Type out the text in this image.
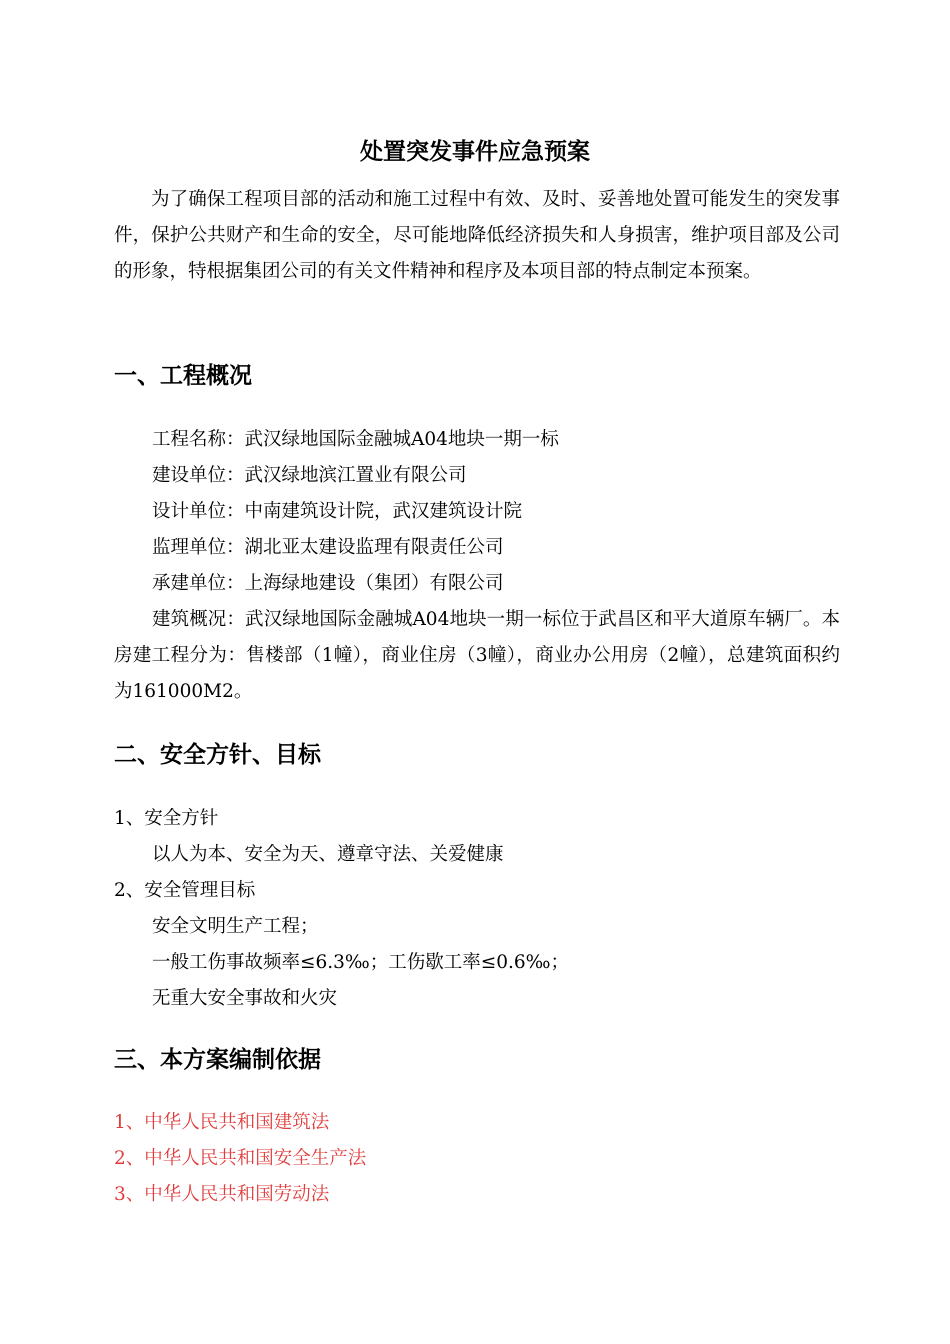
处置突发事件应急预案
为了确保工程项目部的活动和施工过程中有效、及时、妥善地处置可能发生的突发事件，保护公共财产和生命的安全，尽可能地降低经济损失和人身损害，维护项目部及公司的形象，特根据集团公司的有关文件精神和程序及本项目部的特点制定本预案。
一、工程概况
工程名称：武汉绿地国际金融城A04地块一期一标
建设单位：武汉绿地滨江置业有限公司
设计单位：中南建筑设计院，武汉建筑设计院
监理单位：湖北亚太建设监理有限责任公司
承建单位：上海绿地建设（集团）有限公司
建筑概况：武汉绿地国际金融城A04地块一期一标位于武昌区和平大道原车辆厂。本房建工程分为：售楼部（1幢），商业住房（3幢），商业办公用房（2幢），总建筑面积约为161000M2。
二、安全方针、目标
1、安全方针
以人为本、安全为天、遵章守法、关爱健康
2、安全管理目标
安全文明生产工程；
一般工伤事故频率≤6.3‰；工伤歇工率≤0.6‰；
无重大安全事故和火灾
三、本方案编制依据
1、中华人民共和国建筑法
2、中华人民共和国安全生产法
3、中华人民共和国劳动法
